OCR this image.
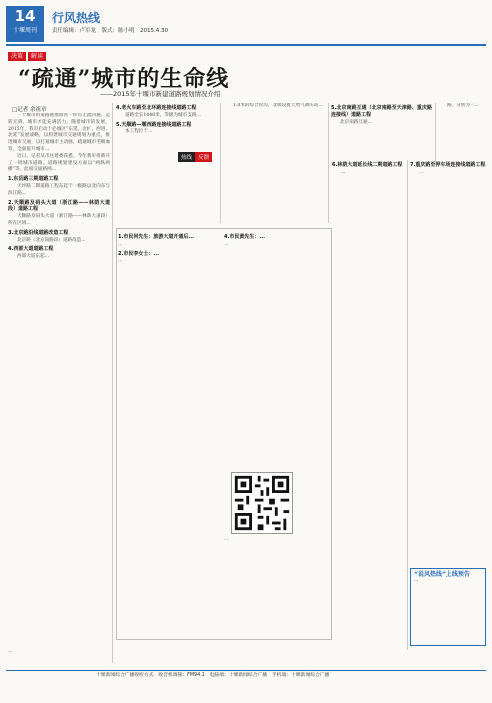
14
十堰周刊
行风热线
责任编辑：卢军龙　版式：陈小明　2015.4.30
决策	解读
“疏通”城市的生命线
——2015年十堰市新建道路规划情况介绍
□记者 余祖章

一个城市的道路就像血管一样有无流四通、运转无碍，城市才能充满活力。随着城市的发展，2015年，我市启动十必城区“东延、北扩、西进、北延”发展战略，以构建城市交通规划为重点，推进城市交通，以打通城市主动脉、疏通城市毛细血管，全面提升城市...

近日，记者从市住建委获悉，今年我市将新开工一批城市道路。道路规划建设方面以“两纵两横”等，此项交通路网...

1.东岳路三期道路工程

天坪路二期道路工程东起于一级路以北向东与滨江路...

2.天顺路及码头大道（浙江路——林荫大道段）道路工程

天顺路及码头大道（浙江路——林荫大道段）所在区域...

3.北京路沿线道路改造工程

北京路（北京南路段）道路改造...

4.西部大道道路工程

西部大道东起...

4.老火车路至北环路连接线道路工程

道路全长1448米，等级为城市支路...

5.天顺路—堰西路连接线道路工程

本工程位于...

1.8米的综合管沟，北端设置天然气调压站...	5.北京南路互通（北京南路至天津路、重庆路连接线）道路工程

北京南路互通...

路。分别为一...

热线	反馈
1.市民何先生：旅游大道开通后...

...

2.市民李女士：...

...

4.市民黄先生：...

...

...
6.林荫大道延长线二期道路工程

...

7.重庆路至停车场连接线道路工程

...

“说风热线”上线预告
...
...
十堰新闻综合广播收听方式　收音机调频：FM94.1　电脑端：十堰新闻综合广播　手机端：十堰新闻综合广播
